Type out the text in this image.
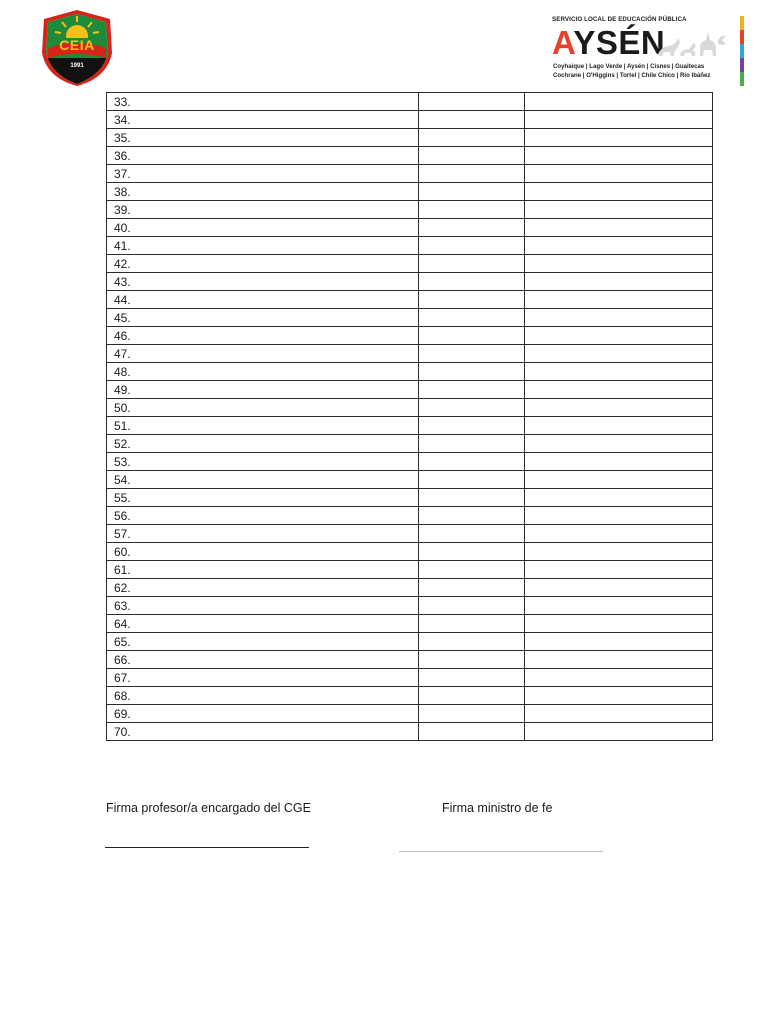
CEIA
1991
SERVICIO LOCAL DE EDUCACIÓN PÚBLICA
AYSÉN
Coyhaique | Lago Verde | Aysén | Cisnes | Guaitecas
Cochrane | O'Higgins | Tortel | Chile Chico | Río Ibáñez
33.		
34.		
35.		
36.		
37.		
38.		
39.		
40.		
41.		
42.		
43.		
44.		
45.		
46.		
47.		
48.		
49.		
50.		
51.		
52.		
53.		
54.		
55.		
56.		
57.		
60.		
61.		
62.		
63.		
64.		
65.		
66.		
67.		
68.		
69.		
70.		
Firma profesor/a encargado del CGE	Firma ministro de fe
